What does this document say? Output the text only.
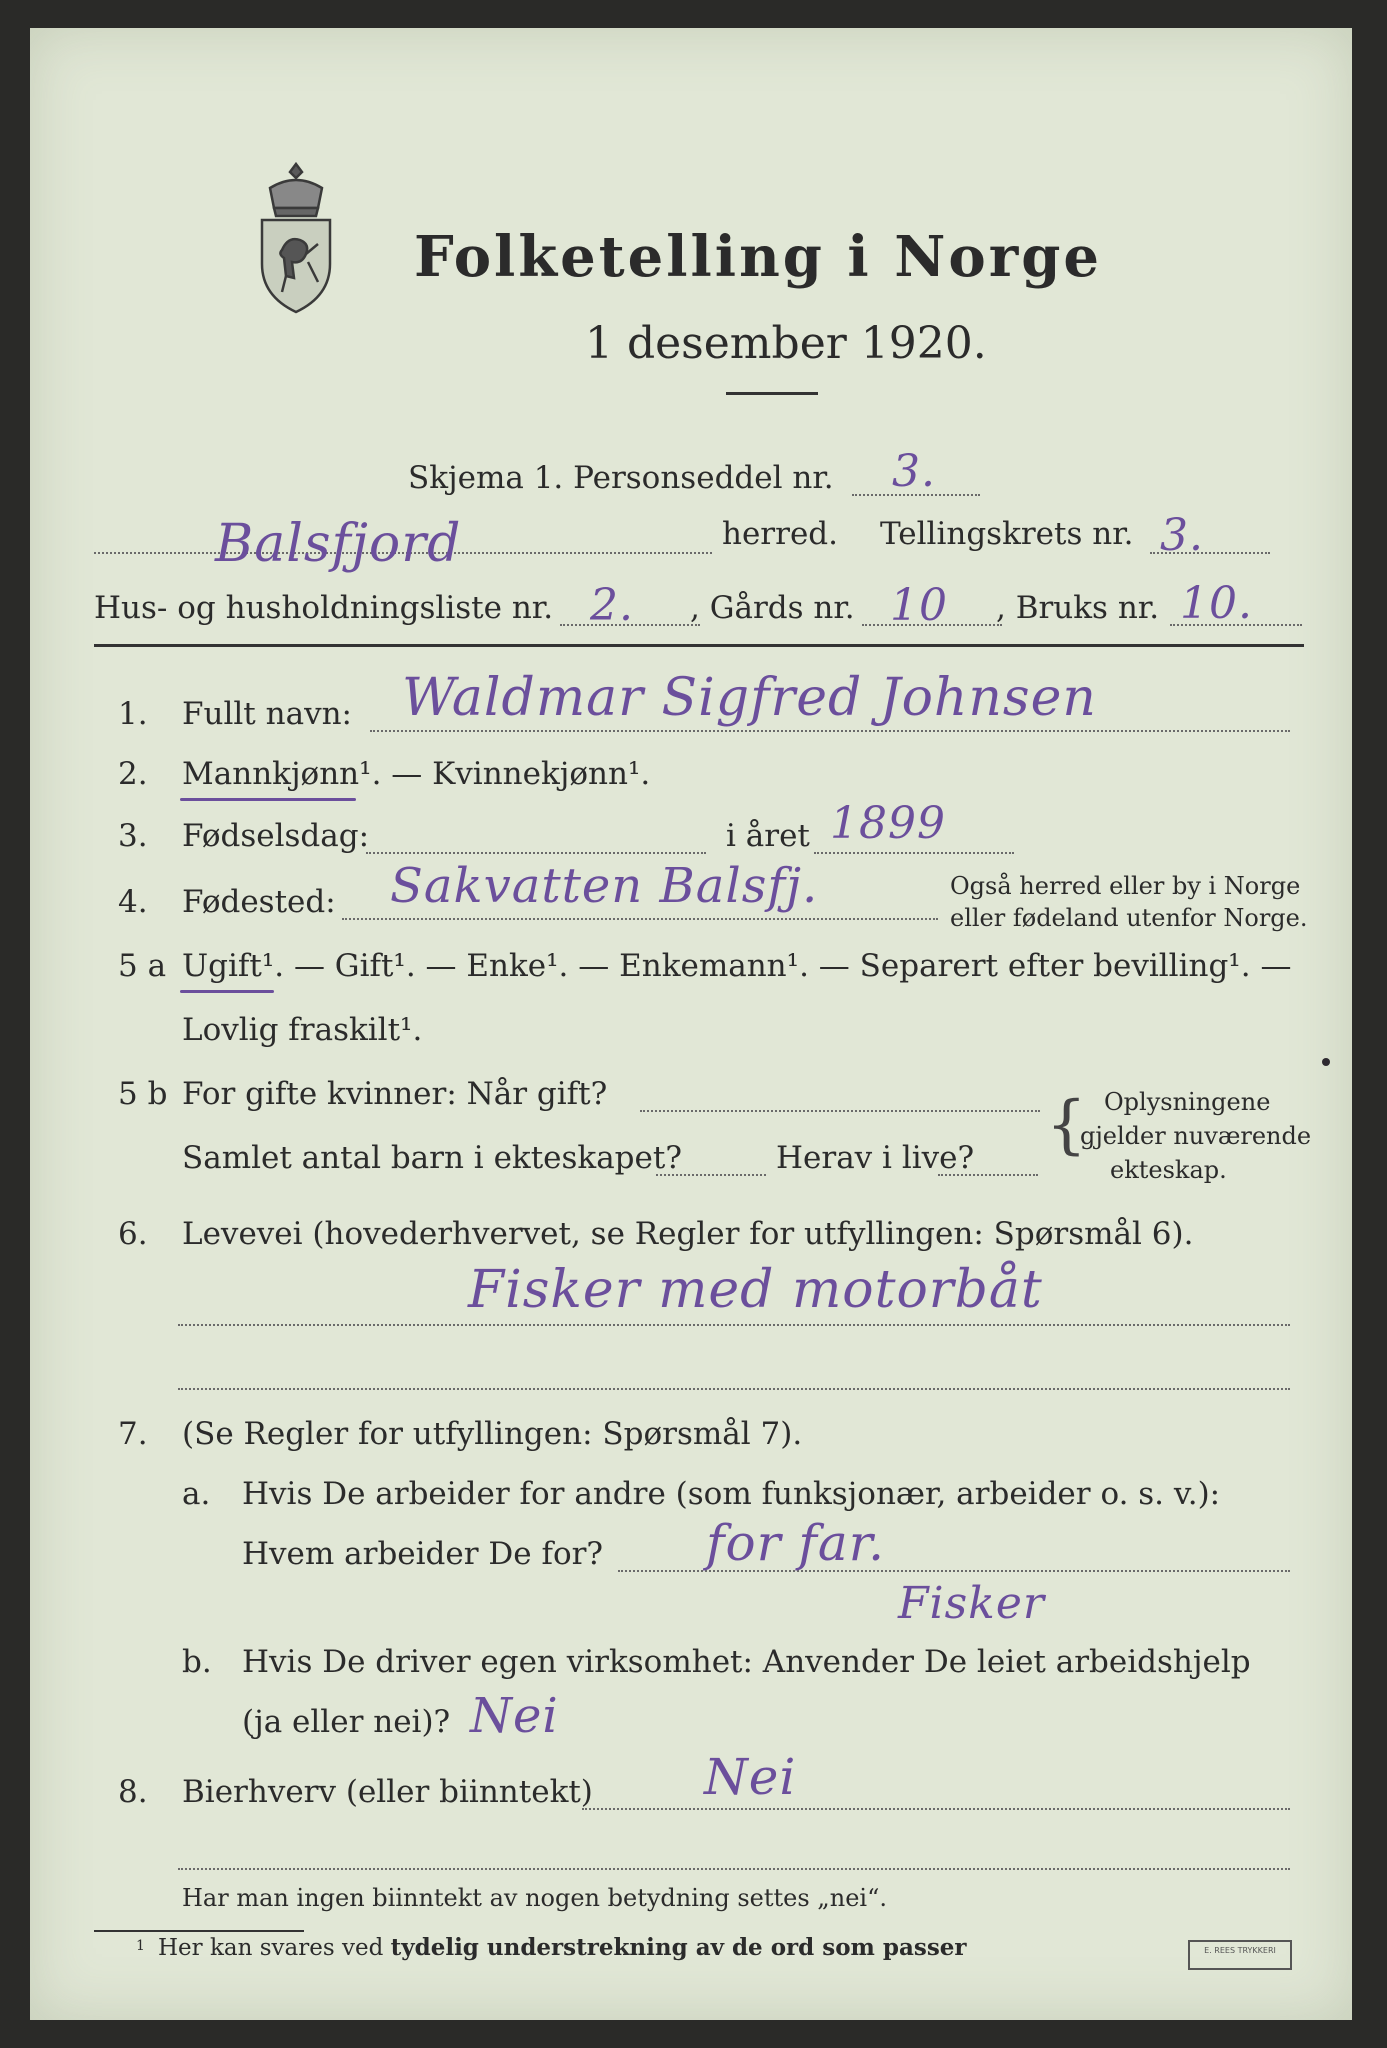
Folketelling i Norge
1 desember 1920.
Skjema 1. Personseddel nr. 3.
Balsfjord	herred. Tellingskrets nr. 3.
Hus- og husholdningsliste nr. 2. , Gårds nr. 10 , Bruks nr. 10.
1. Fullt navn: Waldmar Sigfred Johnsen
2. Mannkjønn¹. — Kvinnekjønn¹.
3. Fødselsdag:	i året 1899
4. Fødested: Sakvatten Balsfj.	Også herred eller by i Norge
eller fødeland utenfor Norge.
5 a Ugift¹. — Gift¹. — Enke¹. — Enkemann¹. — Separert efter bevilling¹. —
Lovlig fraskilt¹.
5 b For gifte kvinner: Når gift?
Samlet antal barn i ekteskapet?	Herav i live? { Oplysningene
gjelder nuværende
ekteskap.
6. Levevei (hovederhvervet, se Regler for utfyllingen: Spørsmål 6).
Fisker med motorbåt
7. (Se Regler for utfyllingen: Spørsmål 7).
a. Hvis De arbeider for andre (som funksjonær, arbeider o. s. v.):
Hvem arbeider De for? for far.
Fisker
b. Hvis De driver egen virksomhet: Anvender De leiet arbeidshjelp
(ja eller nei)? Nei
8. Bierhverv (eller biinntekt) Nei
Har man ingen biinntekt av nogen betydning settes „nei“.
1 Her kan svares ved tydelig understrekning av de ord som passer	E. REES TRYKKERI
